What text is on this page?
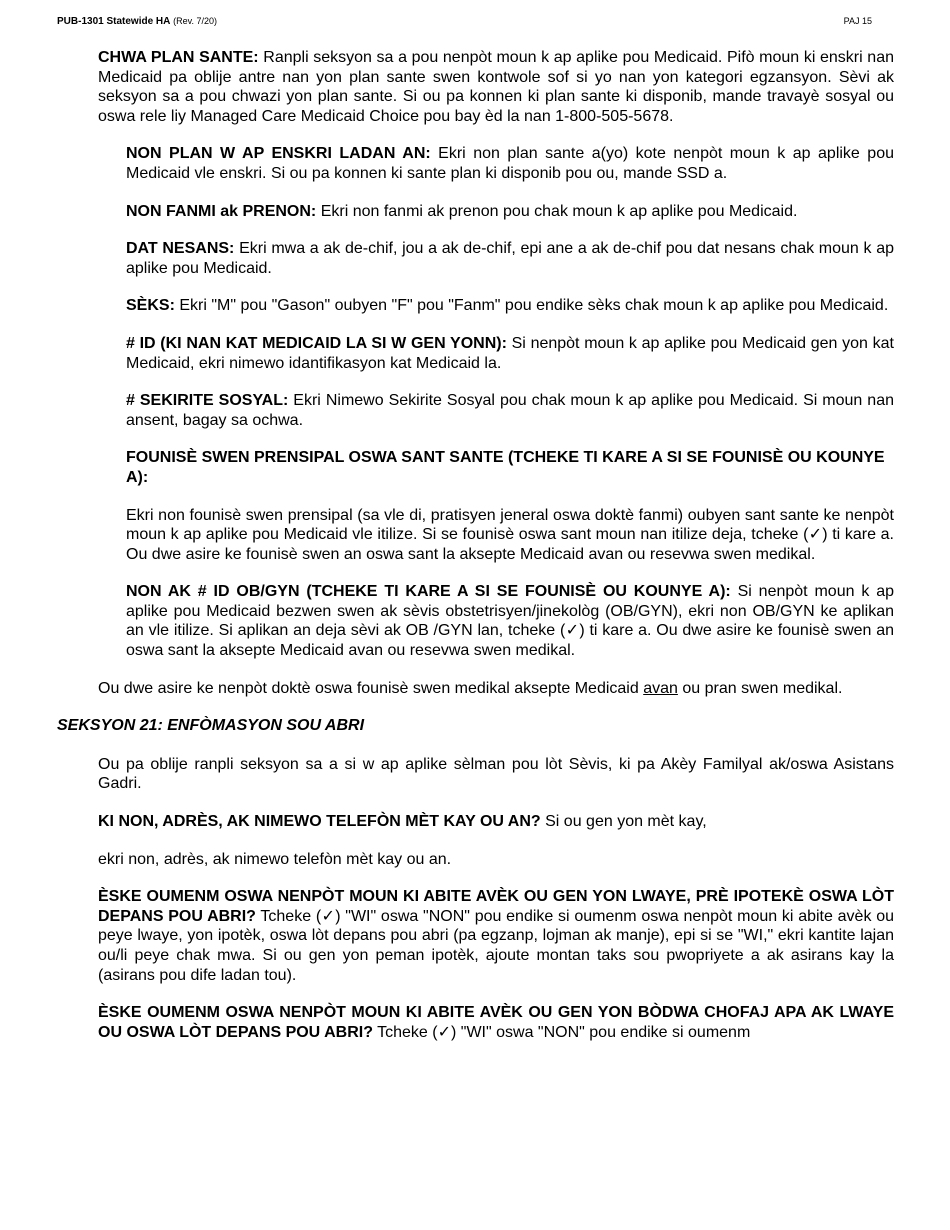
PUB-1301 Statewide HA (Rev. 7/20)	PAJ 15

CHWA PLAN SANTE: Ranpli seksyon sa a pou nenpòt moun k ap aplike pou Medicaid. Pifò moun ki enskri nan Medicaid pa oblije antre nan yon plan sante swen kontwole sof si yo nan yon kategori egzansyon. Sèvi ak seksyon sa a pou chwazi yon plan sante. Si ou pa konnen ki plan sante ki disponib, mande travayè sosyal ou oswa rele liy Managed Care Medicaid Choice pou bay èd la nan 1-800-505-5678.

NON PLAN W AP ENSKRI LADAN AN: Ekri non plan sante a(yo) kote nenpòt moun k ap aplike pou Medicaid vle enskri. Si ou pa konnen ki sante plan ki disponib pou ou, mande SSD a.

NON FANMI ak PRENON: Ekri non fanmi ak prenon pou chak moun k ap aplike pou Medicaid.

DAT NESANS: Ekri mwa a ak de-chif, jou a ak de-chif, epi ane a ak de-chif pou dat nesans chak moun k ap aplike pou Medicaid.

SÈKS: Ekri "M" pou "Gason" oubyen "F" pou "Fanm" pou endike sèks chak moun k ap aplike pou Medicaid.

# ID (KI NAN KAT MEDICAID LA SI W GEN YONN): Si nenpòt moun k ap aplike pou Medicaid gen yon kat Medicaid, ekri nimewo idantifikasyon kat Medicaid la.

# SEKIRITE SOSYAL: Ekri Nimewo Sekirite Sosyal pou chak moun k ap aplike pou Medicaid. Si moun nan ansent, bagay sa ochwa.

FOUNISÈ SWEN PRENSIPAL OSWA SANT SANTE (TCHEKE TI KARE A SI SE FOUNISÈ OU KOUNYE A):

Ekri non founisè swen prensipal (sa vle di, pratisyen jeneral oswa doktè fanmi) oubyen sant sante ke nenpòt moun k ap aplike pou Medicaid vle itilize. Si se founisè oswa sant moun nan itilize deja, tcheke (✓) ti kare a. Ou dwe asire ke founisè swen an oswa sant la aksepte Medicaid avan ou resevwa swen medikal.

NON AK # ID OB/GYN (TCHEKE TI KARE A SI SE FOUNISÈ OU KOUNYE A): Si nenpòt moun k ap aplike pou Medicaid bezwen swen ak sèvis obstetrisyen/jinekològ (OB/GYN), ekri non OB/GYN ke aplikan an vle itilize. Si aplikan an deja sèvi ak OB /GYN lan, tcheke (✓) ti kare a. Ou dwe asire ke founisè swen an oswa sant la aksepte Medicaid avan ou resevwa swen medikal.

Ou dwe asire ke nenpòt doktè oswa founisè swen medikal aksepte Medicaid avan ou pran swen medikal.

SEKSYON 21: ENFÒMASYON SOU ABRI

Ou pa oblije ranpli seksyon sa a si w ap aplike sèlman pou lòt Sèvis, ki pa Akèy Familyal ak/oswa Asistans Gadri.

KI NON, ADRÈS, AK NIMEWO TELEFÒN MÈT KAY OU AN? Si ou gen yon mèt kay,

ekri non, adrès, ak nimewo telefòn mèt kay ou an.

ÈSKE OUMENM OSWA NENPÒT MOUN KI ABITE AVÈK OU GEN YON LWAYE, PRÈ IPOTEKÈ OSWA LÒT DEPANS POU ABRI? Tcheke (✓) "WI" oswa "NON" pou endike si oumenm oswa nenpòt moun ki abite avèk ou peye lwaye, yon ipotèk, oswa lòt depans pou abri (pa egzanp, lojman ak manje), epi si se "WI," ekri kantite lajan ou/li peye chak mwa. Si ou gen yon peman ipotèk, ajoute montan taks sou pwopriyete a ak asirans kay la (asirans pou dife ladan tou).

ÈSKE OUMENM OSWA NENPÒT MOUN KI ABITE AVÈK OU GEN YON BÒDWA CHOFAJ APA AK LWAYE OU OSWA LÒT DEPANS POU ABRI? Tcheke (✓) "WI" oswa "NON" pou endike si oumenm
